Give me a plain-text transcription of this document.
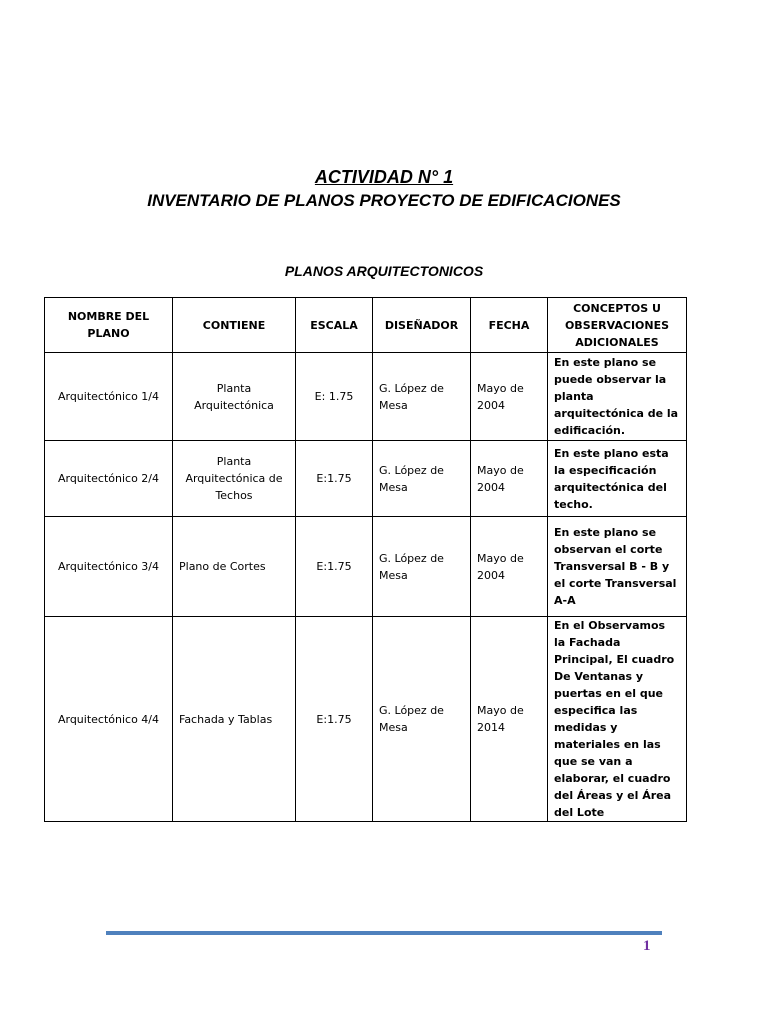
ACTIVIDAD N° 1
INVENTARIO DE PLANOS PROYECTO DE EDIFICACIONES
PLANOS ARQUITECTONICOS
NOMBRE DEL PLANO	CONTIENE	ESCALA	DISEÑADOR	FECHA	CONCEPTOS U OBSERVACIONES ADICIONALES
Arquitectónico 1/4	Planta Arquitectónica	E: 1.75	G. López de Mesa	Mayo de 2004	En este plano se puede observar la planta arquitectónica de la edificación.
Arquitectónico 2/4	Planta Arquitectónica de Techos	E:1.75	G. López de Mesa	Mayo de 2004	En este plano esta la especificación arquitectónica del techo.
Arquitectónico 3/4	Plano de Cortes	E:1.75	G. López de Mesa	Mayo de 2004	En este plano se observan el corte Transversal B - B y el corte Transversal A-A
Arquitectónico 4/4	Fachada y Tablas	E:1.75	G. López de Mesa	Mayo de 2014	En el Observamos la Fachada Principal, El cuadro De Ventanas y puertas en el que especifica las medidas y materiales en las que se van a elaborar, el cuadro del Áreas y el Área del Lote
1
